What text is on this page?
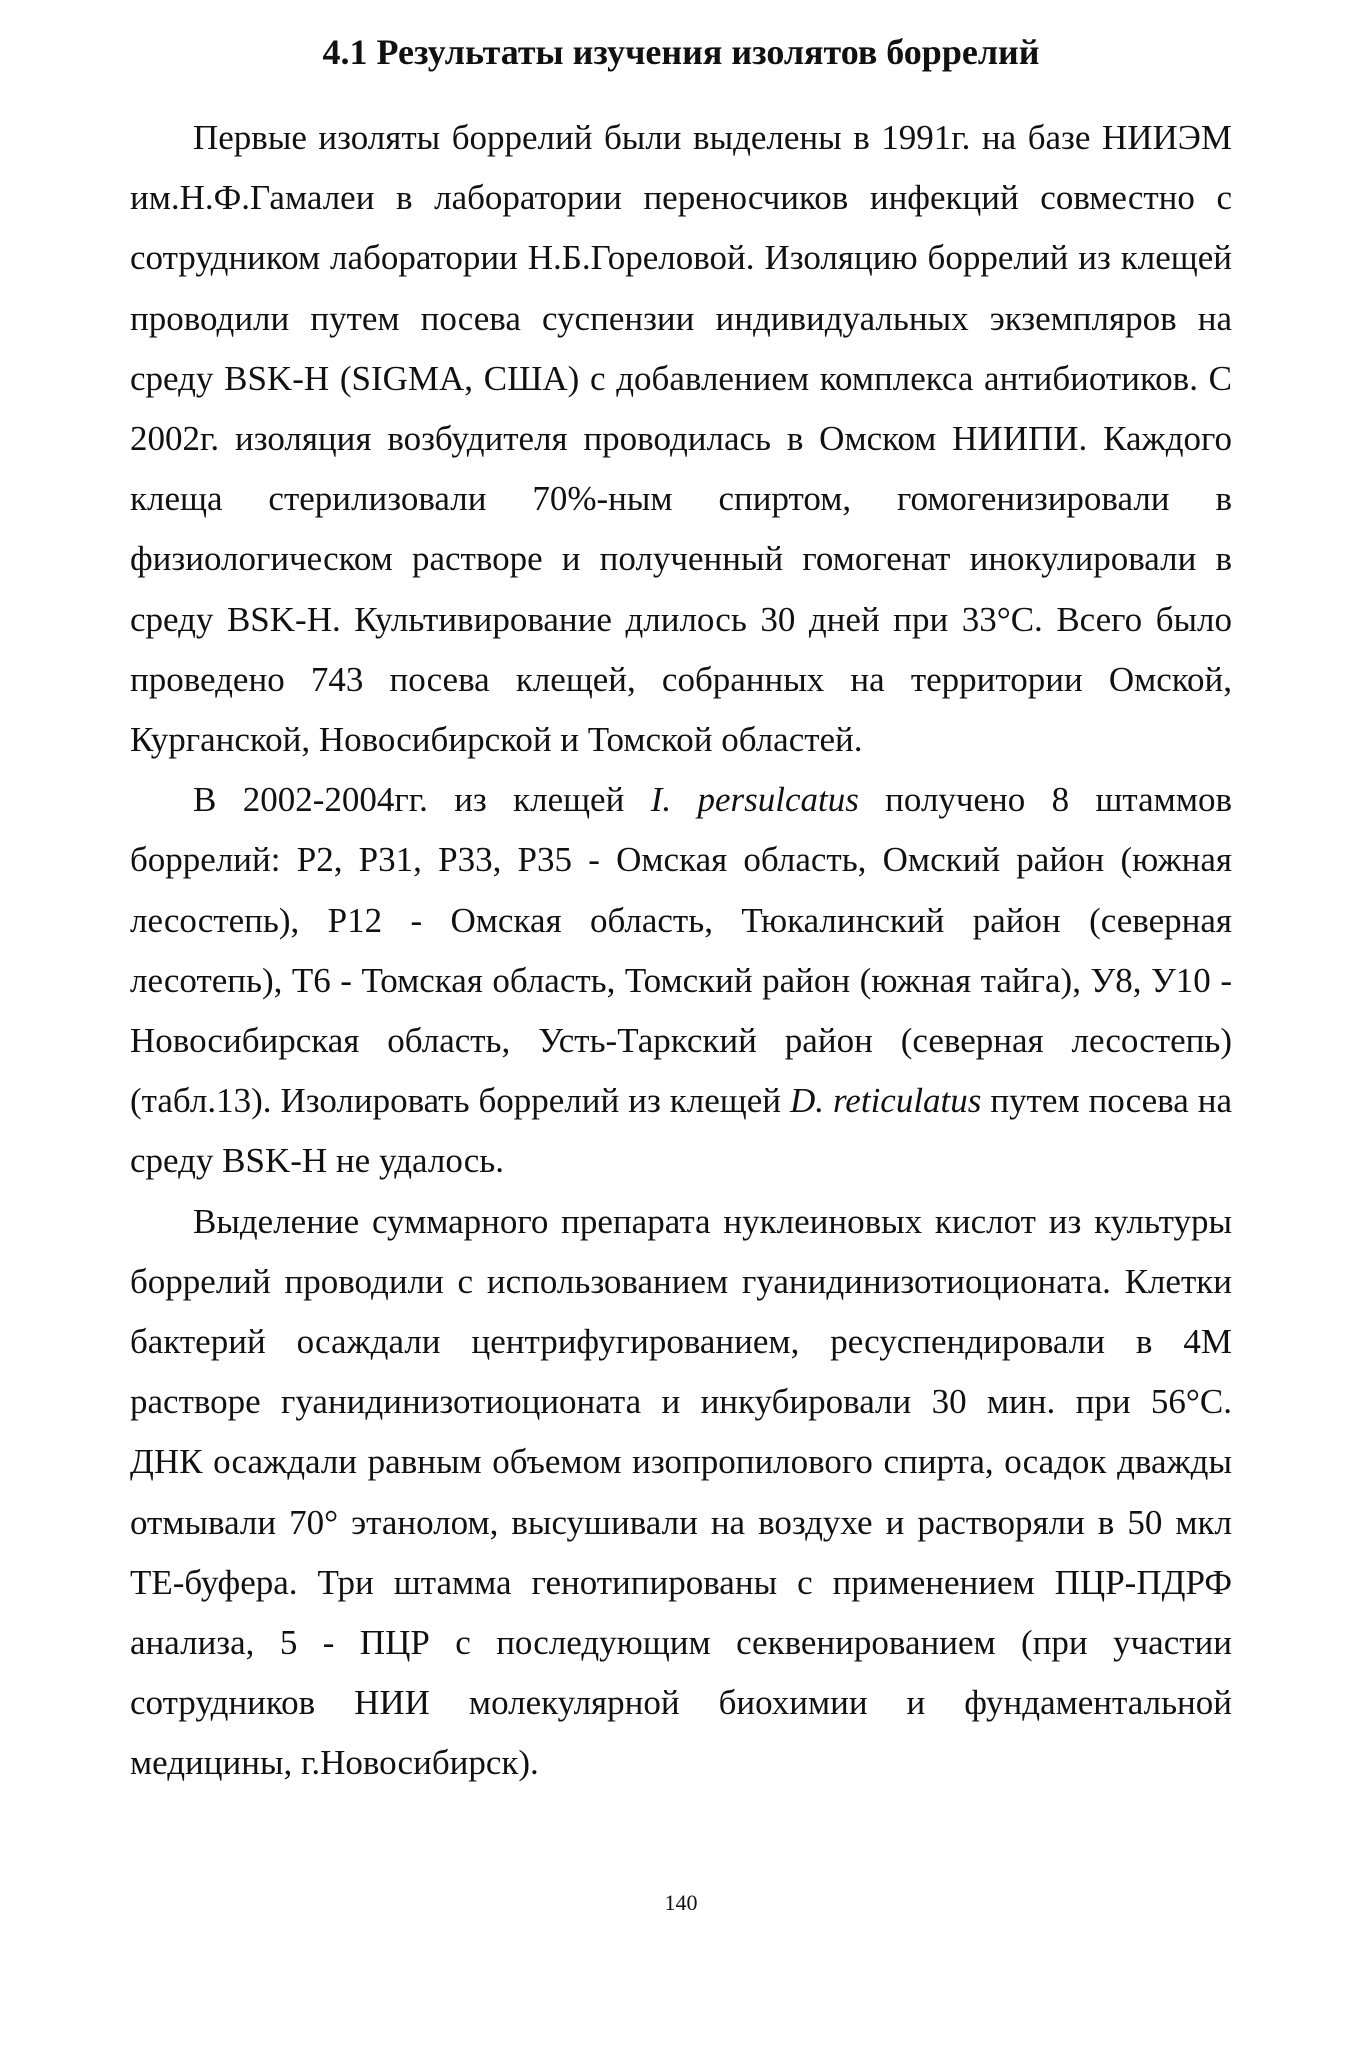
4.1 Результаты изучения изолятов боррелий

Первые изоляты боррелий были выделены в 1991г. на базе НИИЭМ им.Н.Ф.Гамалеи в лаборатории переносчиков инфекций совместно с сотрудником лаборатории Н.Б.Гореловой. Изоляцию боррелий из клещей проводили путем посева суспензии индивидуальных экземпляров на среду BSK-H (SIGMA, США) с добавлением комплекса антибиотиков. С 2002г. изоляция возбудителя проводилась в Омском НИИПИ. Каждого клеща стерилизовали 70%-ным спиртом, гомогенизировали в физиологическом растворе и полученный гомогенат инокулировали в среду BSK-H. Культивирование длилось 30 дней при 33°С. Всего было проведено 743 посева клещей, собранных на территории Омской, Курганской, Новосибирской и Томской областей.

В 2002-2004гг. из клещей I. persulcatus получено 8 штаммов боррелий: P2, P31, P33, P35 - Омская область, Омский район (южная лесостепь), P12 - Омская область, Тюкалинский район (северная лесотепь), T6 - Томская область, Томский район (южная тайга), У8, У10 - Новосибирская область, Усть-Таркский район (северная лесостепь) (табл.13). Изолировать боррелий из клещей D. reticulatus путем посева на среду BSK-H не удалось.

Выделение суммарного препарата нуклеиновых кислот из культуры боррелий проводили с использованием гуанидинизотиоционата. Клетки бактерий осаждали центрифугированием, ресуспендировали в 4М растворе гуанидинизотиоционата и инкубировали 30 мин. при 56°С. ДНК осаждали равным объемом изопропилового спирта, осадок дважды отмывали 70° этанолом, высушивали на воздухе и растворяли в 50 мкл ТЕ-буфера. Три штамма генотипированы с применением ПЦР-ПДРФ анализа, 5 - ПЦР с последующим секвенированием (при участии сотрудников НИИ молекулярной биохимии и фундаментальной медицины, г.Новосибирск).

140
